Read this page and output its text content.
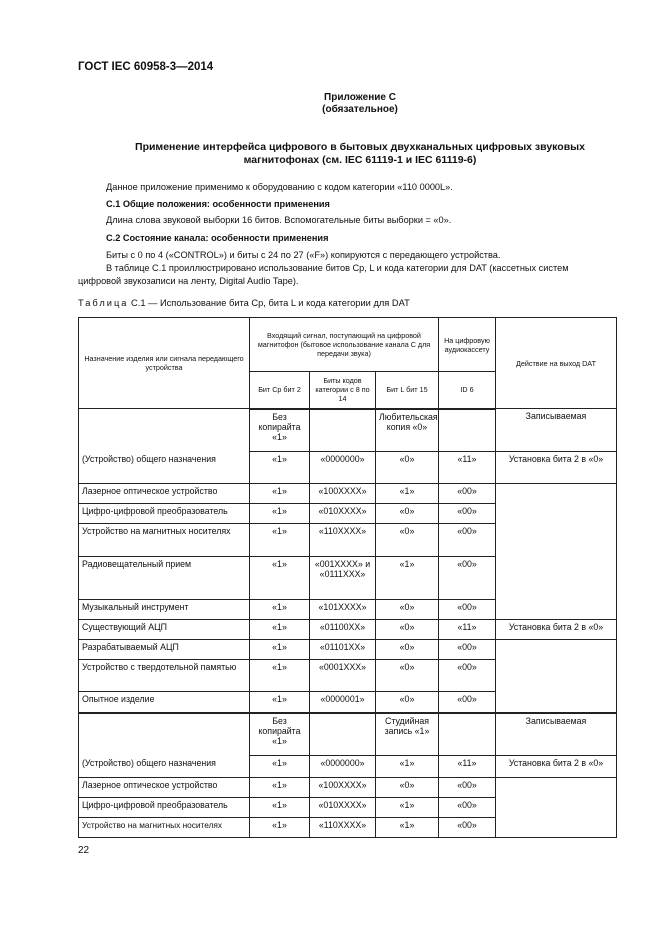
ГОСТ IEC 60958-3—2014
Приложение С
(обязательное)
Применение интерфейса цифрового в бытовых двухканальных цифровых звуковых
магнитофонах (см. IEC 61119-1 и IEC 61119-6)
Данное приложение применимо к оборудованию с кодом категории «110 0000L».
С.1 Общие положения: особенности применения
Длина слова звуковой выборки 16 битов. Вспомогательные биты выборки = «0».
С.2 Состояние канала: особенности применения
Биты с 0 по 4 («CONTROL») и биты с 24 по 27 («F») копируются с передающего устройства.
В таблице С.1 проиллюстрировано использование битов Ср, L и кода категории для DAT (кассетных систем
цифровой звукозаписи на ленту, Digital Audio Tape).
Таблица С.1 — Использование бита Ср, бита L и кода категории для DAT
Назначение изделия или сигнала передающего устройства	Входящий сигнал, поступающий на цифровой магнитофон (бытовое использование канала С для передачи звука)			На цифровую аудиокассету	Действие на выход DAT
	Бит Ср бит 2	Биты кодов категории с 8 по 14	Бит L бит 15	ID 6	
	Без копирайта «1»		Любительская копия «0»		Записываемая
(Устройство) общего назначения	«1»	«0000000»	«0»	«11»	Установка бита 2 в «0»
Лазерное оптическое устройство	«1»	«100ХХХХ»	«1»	«00»	
Цифро-цифровой преобразователь	«1»	«010ХХХХ»	«0»	«00»	
Устройство на магнитных носителях	«1»	«110ХХХХ»	«0»	«00»	
Радиовещательный прием	«1»	«001ХХХХ» и «0111ХХХ»	«1»	«00»	
Музыкальный инструмент	«1»	«101ХХХХ»	«0»	«00»	
Существующий АЦП	«1»	«01100ХХ»	«0»	«11»	Установка бита 2 в «0»
Разрабатываемый АЦП	«1»	«01101ХХ»	«0»	«00»	
Устройство с твердотельной памятью	«1»	«0001ХХХ»	«0»	«00»	
Опытное изделие	«1»	«0000001»	«0»	«00»	
	Без копирайта «1»		Студийная запись «1»		Записываемая
(Устройство) общего назначения	«1»	«0000000»	«1»	«11»	Установка бита 2 в «0»
Лазерное оптическое устройство	«1»	«100ХХХХ»	«0»	«00»	
Цифро-цифровой преобразователь	«1»	«010ХХХХ»	«1»	«00»	
Устройство на магнитных носителях	«1»	«110ХХХХ»	«1»	«00»	
22
